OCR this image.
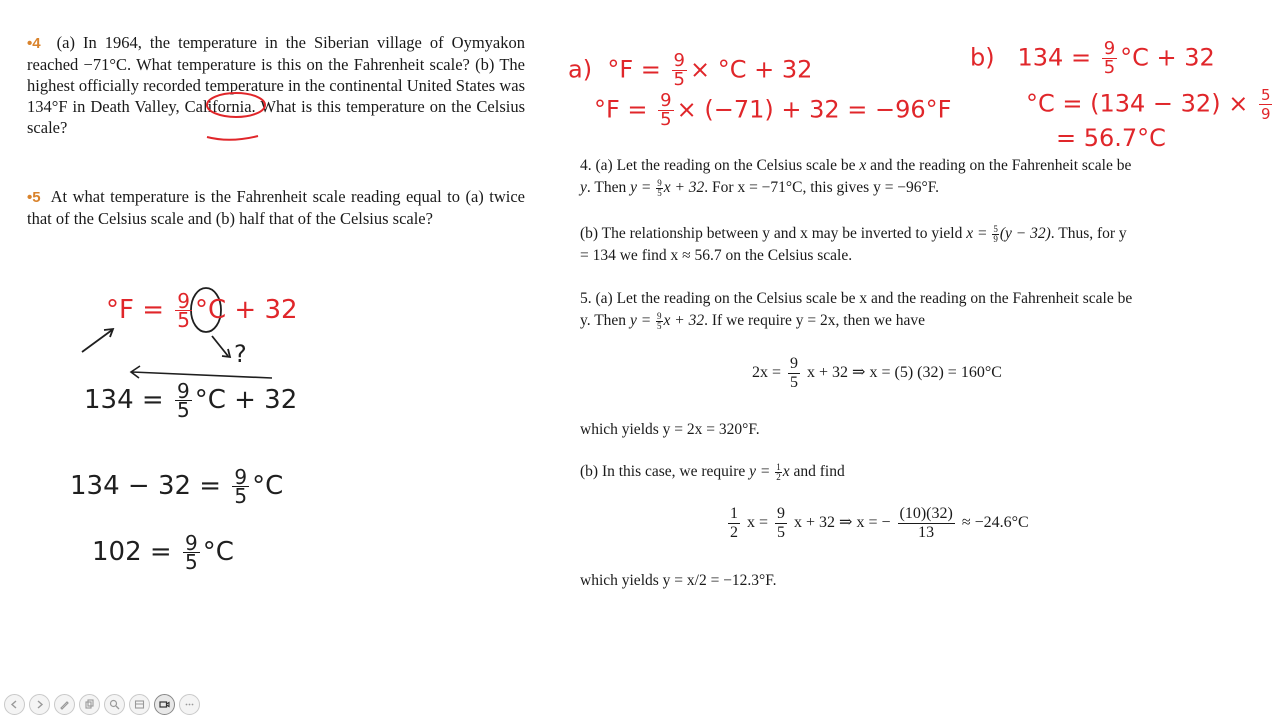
•4 (a) In 1964, the temperature in the Siberian village of Oymyakon reached −71°C. What temperature is this on the Fahrenheit scale? (b) The highest officially recorded temperature in the continental United States was 134°F in Death Valley, California. What is this temperature on the Celsius scale?
•5 At what temperature is the Fahrenheit scale reading equal to (a) twice that of the Celsius scale and (b) half that of the Celsius scale?
4. (a) Let the reading on the Celsius scale be x and the reading on the Fahrenheit scale be
y. Then $y = \frac{9}{5}$ x + 32. For x = −71°C, this gives y = −96°F.
(b) The relationship between y and x may be inverted to yield $x = \frac{5}{9} (y - 32)$. Thus, for y
= 134 we find x ≈ 56.7 on the Celsius scale.
5. (a) Let the reading on the Celsius scale be x and the reading on the Fahrenheit scale be
y. Then $y = \frac{9}{5}$ x + 32. If we require y = 2x, then we have
$2x = \frac{9}{5}$ x + 32 ⇒ x = (5) (32) = 160°C
which yields y = 2x = 320°F.
(b) In this case, we require $y = \frac{1}{2}$ x and find
$\frac{1}{2}$ $x = \frac{9}{5}$ x + 32 ⇒ x = − $\frac{(10)(32)}{13} \approx -24.6^\circ C$
which yields y = x/2 = −12.3°F.
a) $^\circ F = \frac{9}{5} \times ^\circ C + 32$
$^\circ F = \frac{9}{5} \times (-71) + 32 = -96^\circ F$
b) $134 = \frac{9}{5} ^\circ C + 32$
$^\circ C = (134 - 32) \times \frac{5}{9}$
= 56.7°C
$^\circ F = \frac{9}{5} ^\circ C + 32$
?
$134 = \frac{9}{5} ^\circ C + 32$
$134 - 32 = \frac{9}{5} ^\circ C$
$102 = \frac{9}{5} ^\circ C$
